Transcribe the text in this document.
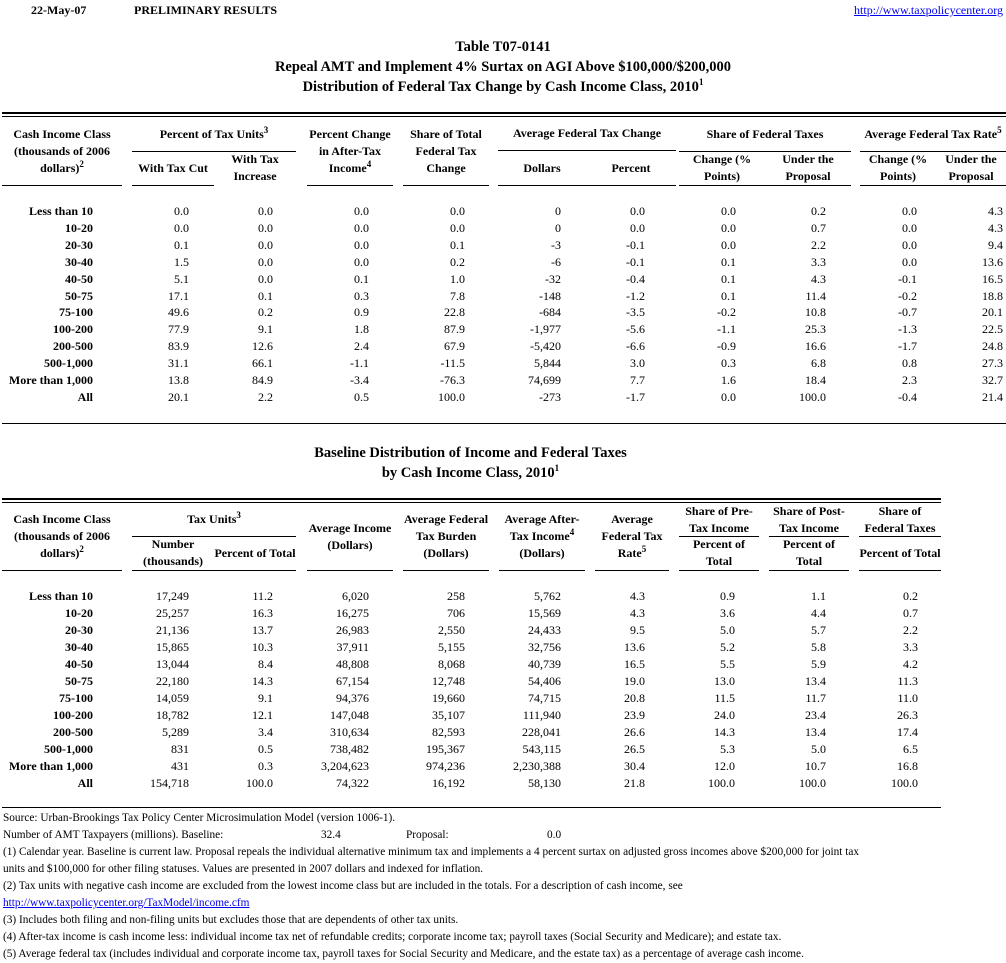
22-May-07	PRELIMINARY RESULTS	http://www.taxpolicycenter.org
Table T07-0141
Repeal AMT and Implement 4% Surtax on AGI Above $100,000/$200,000
Distribution of Federal Tax Change by Cash Income Class, 2010$^1$
Cash Income Class (thousands of 2006 dollars)$^2$
Percent of Tax Units$^3$
With Tax Cut
With Tax Increase
Percent Change in After-Tax Income$^4$
Share of Total Federal Tax Change
Average Federal Tax Change
Dollars	Percent
Share of Federal Taxes
Change (% Points)
Under the Proposal
Average Federal Tax Rate$^5$
Change (% Points)
Under the Proposal
Less than 10	0.0	0.0	0.0	0.0	0	0.0	0.0	0.2	0.0	4.3
10-20	0.0	0.0	0.0	0.0	0	0.0	0.0	0.7	0.0	4.3
20-30	0.1	0.0	0.0	0.1	-3	-0.1	0.0	2.2	0.0	9.4
30-40	1.5	0.0	0.0	0.2	-6	-0.1	0.1	3.3	0.0	13.6
40-50	5.1	0.0	0.1	1.0	-32	-0.4	0.1	4.3	-0.1	16.5
50-75	17.1	0.1	0.3	7.8	-148	-1.2	0.1	11.4	-0.2	18.8
75-100	49.6	0.2	0.9	22.8	-684	-3.5	-0.2	10.8	-0.7	20.1
100-200	77.9	9.1	1.8	87.9	-1,977	-5.6	-1.1	25.3	-1.3	22.5
200-500	83.9	12.6	2.4	67.9	-5,420	-6.6	-0.9	16.6	-1.7	24.8
500-1,000	31.1	66.1	-1.1	-11.5	5,844	3.0	0.3	6.8	0.8	27.3
More than 1,000	13.8	84.9	-3.4	-76.3	74,699	7.7	1.6	18.4	2.3	32.7
All	20.1	2.2	0.5	100.0	-273	-1.7	0.0	100.0	-0.4	21.4
Baseline Distribution of Income and Federal Taxes
by Cash Income Class, 2010$^1$
Cash Income Class (thousands of 2006 dollars)$^2$
Tax Units$^3$
Number (thousands)
Percent of Total
Average Income (Dollars)
Average Federal Tax Burden (Dollars)
Average After-Tax Income$^4$
(Dollars)
Average Federal Tax Rate$^5$
Share of Pre-Tax Income
Percent of Total
Share of Post-Tax Income
Percent of Total
Share of Federal Taxes
Percent of Total
Less than 10	17,249	11.2	6,020	258	5,762	4.3	0.9	1.1	0.2
10-20	25,257	16.3	16,275	706	15,569	4.3	3.6	4.4	0.7
20-30	21,136	13.7	26,983	2,550	24,433	9.5	5.0	5.7	2.2
30-40	15,865	10.3	37,911	5,155	32,756	13.6	5.2	5.8	3.3
40-50	13,044	8.4	48,808	8,068	40,739	16.5	5.5	5.9	4.2
50-75	22,180	14.3	67,154	12,748	54,406	19.0	13.0	13.4	11.3
75-100	14,059	9.1	94,376	19,660	74,715	20.8	11.5	11.7	11.0
100-200	18,782	12.1	147,048	35,107	111,940	23.9	24.0	23.4	26.3
200-500	5,289	3.4	310,634	82,593	228,041	26.6	14.3	13.4	17.4
500-1,000	831	0.5	738,482	195,367	543,115	26.5	5.3	5.0	6.5
More than 1,000	431	0.3	3,204,623	974,236	2,230,388	30.4	12.0	10.7	16.8
All	154,718	100.0	74,322	16,192	58,130	21.8	100.0	100.0	100.0
Source: Urban-Brookings Tax Policy Center Microsimulation Model (version 1006-1).
Number of AMT Taxpayers (millions). Baseline:	32.4	Proposal:	0.0
(1) Calendar year. Baseline is current law. Proposal repeals the individual alternative minimum tax and implements a 4 percent surtax on adjusted gross incomes above $200,000 for joint tax
units and $100,000 for other filing statuses. Values are presented in 2007 dollars and indexed for inflation.
(2) Tax units with negative cash income are excluded from the lowest income class but are included in the totals. For a description of cash income, see
http://www.taxpolicycenter.org/TaxModel/income.cfm
(3) Includes both filing and non-filing units but excludes those that are dependents of other tax units.
(4) After-tax income is cash income less: individual income tax net of refundable credits; corporate income tax; payroll taxes (Social Security and Medicare); and estate tax.
(5) Average federal tax (includes individual and corporate income tax, payroll taxes for Social Security and Medicare, and the estate tax) as a percentage of average cash income.
